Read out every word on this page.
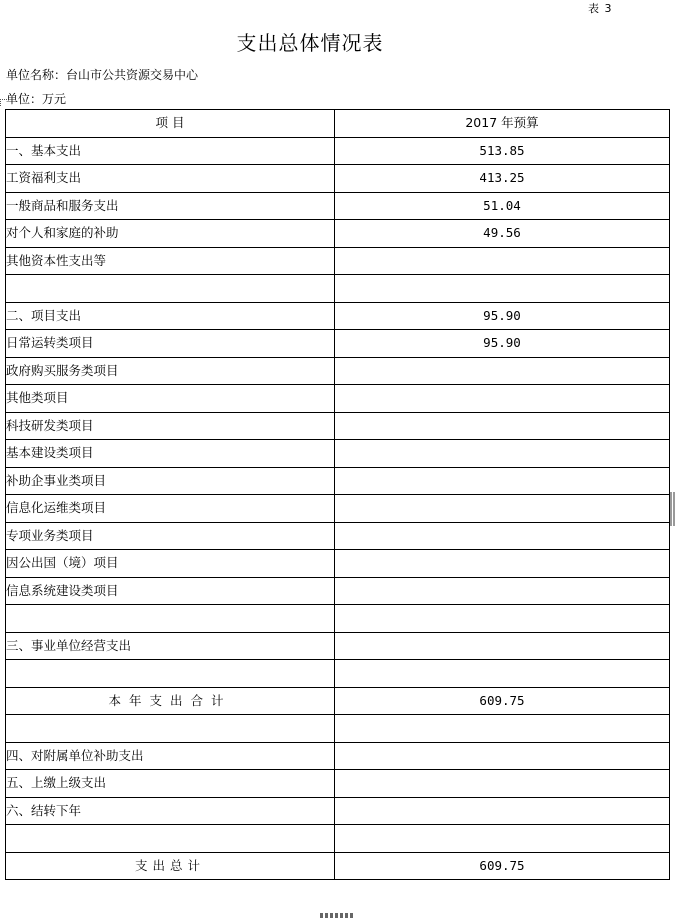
表 3
支出总体情况表
单位名称：台山市公共资源交易中心
单位：万元
项 目	2017 年预算
一、基本支出	513.85
工资福利支出	413.25
一般商品和服务支出	51.04
对个人和家庭的补助	49.56
其他资本性支出等	

二、项目支出	95.90
日常运转类项目	95.90
政府购买服务类项目	
其他类项目	
科技研发类项目	
基本建设类项目	
补助企事业类项目	
信息化运维类项目	
专项业务类项目	
因公出国（境）项目	
信息系统建设类项目	

三、事业单位经营支出	

本年支出合计	609.75

四、对附属单位补助支出	
五、上缴上级支出	
六、结转下年	

支出总计	609.75
